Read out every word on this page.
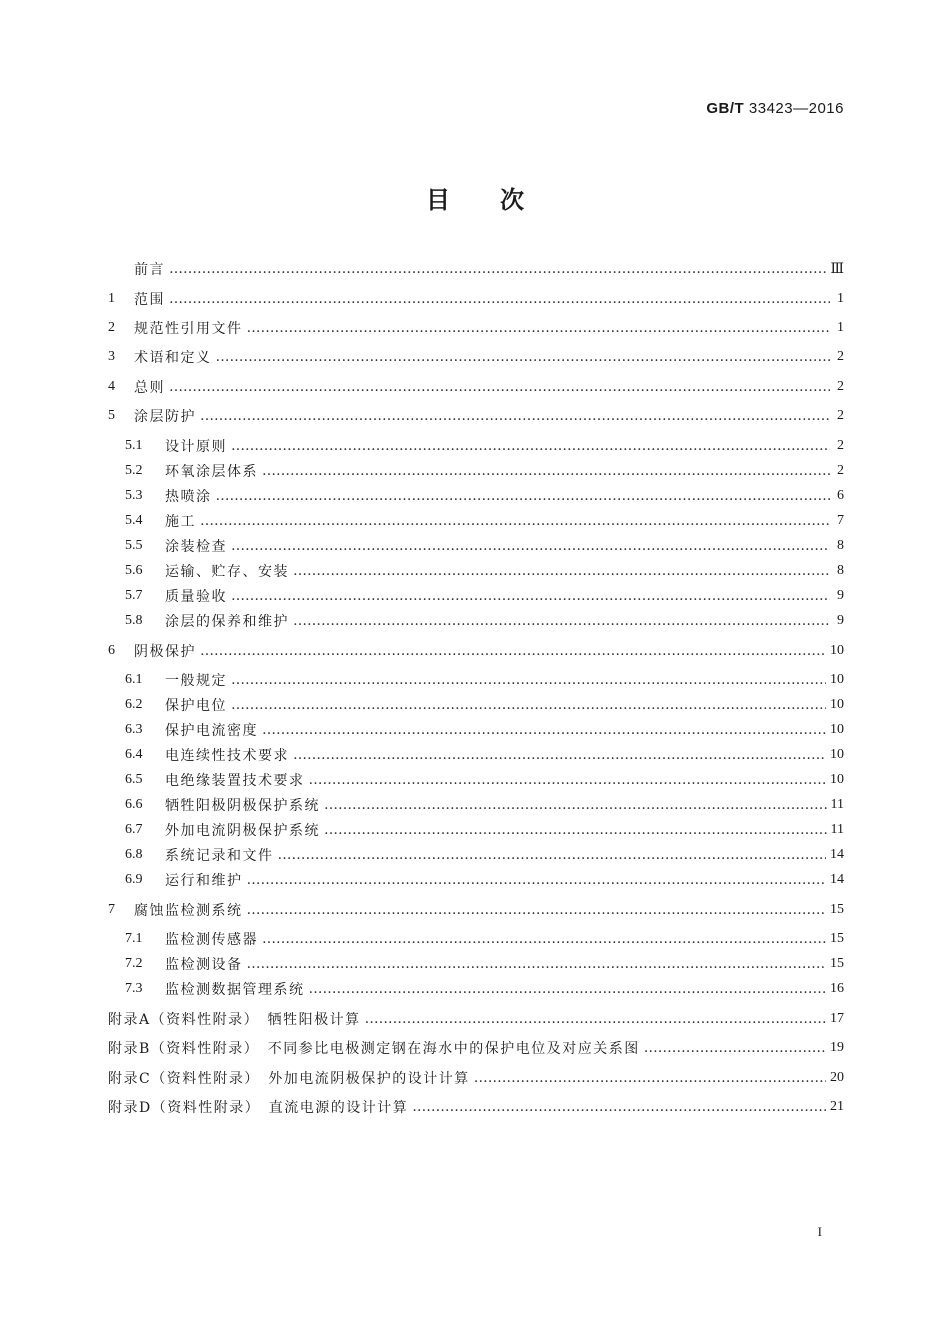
GB/T 33423—2016
目次
前言 ……………………………………………………………………………………………………………………………………………………………………………………………………………………	Ⅲ
1	范围 ……………………………………………………………………………………………………………………………………………………………………………………………………………………	1
2	规范性引用文件 ……………………………………………………………………………………………………………………………………………………………………………………………………………………	1
3	术语和定义 ……………………………………………………………………………………………………………………………………………………………………………………………………………………	2
4	总则 ……………………………………………………………………………………………………………………………………………………………………………………………………………………	2
5	涂层防护 ……………………………………………………………………………………………………………………………………………………………………………………………………………………	2
5.1	设计原则 ……………………………………………………………………………………………………………………………………………………………………………………………………………………	2
5.2	环氧涂层体系 ……………………………………………………………………………………………………………………………………………………………………………………………………………………	2
5.3	热喷涂 ……………………………………………………………………………………………………………………………………………………………………………………………………………………	6
5.4	施工 ……………………………………………………………………………………………………………………………………………………………………………………………………………………	7
5.5	涂装检查 ……………………………………………………………………………………………………………………………………………………………………………………………………………………	8
5.6	运输、贮存、安装 ……………………………………………………………………………………………………………………………………………………………………………………………………………………	8
5.7	质量验收 ……………………………………………………………………………………………………………………………………………………………………………………………………………………	9
5.8	涂层的保养和维护 ……………………………………………………………………………………………………………………………………………………………………………………………………………………	9
6	阴极保护 ……………………………………………………………………………………………………………………………………………………………………………………………………………………	10
6.1	一般规定 ……………………………………………………………………………………………………………………………………………………………………………………………………………………	10
6.2	保护电位 ……………………………………………………………………………………………………………………………………………………………………………………………………………………	10
6.3	保护电流密度 ……………………………………………………………………………………………………………………………………………………………………………………………………………………	10
6.4	电连续性技术要求 ……………………………………………………………………………………………………………………………………………………………………………………………………………………	10
6.5	电绝缘装置技术要求 ……………………………………………………………………………………………………………………………………………………………………………………………………………………	10
6.6	牺牲阳极阴极保护系统 ……………………………………………………………………………………………………………………………………………………………………………………………………………………	11
6.7	外加电流阴极保护系统 ……………………………………………………………………………………………………………………………………………………………………………………………………………………	11
6.8	系统记录和文件 ……………………………………………………………………………………………………………………………………………………………………………………………………………………	14
6.9	运行和维护 ……………………………………………………………………………………………………………………………………………………………………………………………………………………	14
7	腐蚀监检测系统 ……………………………………………………………………………………………………………………………………………………………………………………………………………………	15
7.1	监检测传感器 ……………………………………………………………………………………………………………………………………………………………………………………………………………………	15
7.2	监检测设备 ……………………………………………………………………………………………………………………………………………………………………………………………………………………	15
7.3	监检测数据管理系统 ……………………………………………………………………………………………………………………………………………………………………………………………………………………	16
附录A（资料性附录）　牺牲阳极计算 ……………………………………………………………………………………………………………………………………………………………………………………………………………………	17
附录B（资料性附录）　不同参比电极测定钢在海水中的保护电位及对应关系图 ……………………………………………………………………………………………………………………………………………………………………………………………………………………	19
附录C（资料性附录）　外加电流阴极保护的设计计算 ……………………………………………………………………………………………………………………………………………………………………………………………………………………	20
附录D（资料性附录）　直流电源的设计计算 ……………………………………………………………………………………………………………………………………………………………………………………………………………………	21
I
